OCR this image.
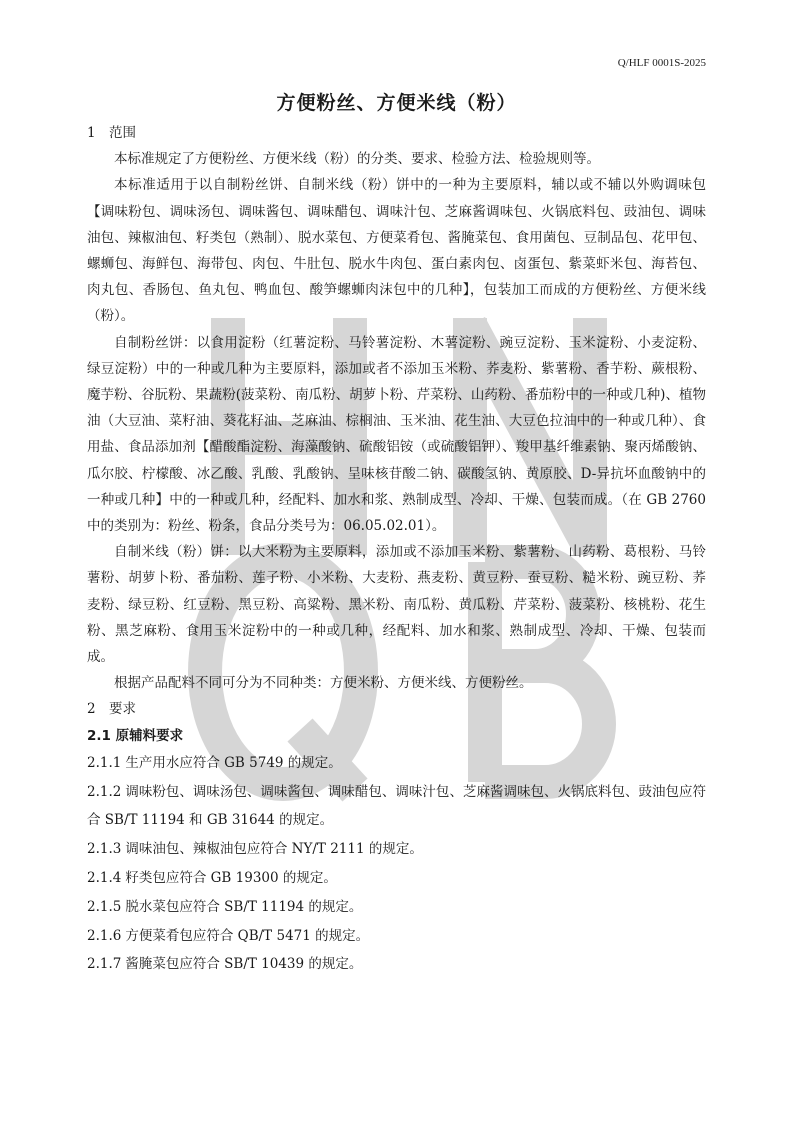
Q/HLF 0001S-2025
方便粉丝、方便米线（粉）

1 范围

本标准规定了方便粉丝、方便米线（粉）的分类、要求、检验方法、检验规则等。

本标准适用于以自制粉丝饼、自制米线（粉）饼中的一种为主要原料，辅以或不辅以外购调味包【调味粉包、调味汤包、调味酱包、调味醋包、调味汁包、芝麻酱调味包、火锅底料包、豉油包、调味油包、辣椒油包、籽类包（熟制）、脱水菜包、方便菜肴包、酱腌菜包、食用菌包、豆制品包、花甲包、螺蛳包、海鲜包、海带包、肉包、牛肚包、脱水牛肉包、蛋白素肉包、卤蛋包、紫菜虾米包、海苔包、肉丸包、香肠包、鱼丸包、鸭血包、酸笋螺蛳肉沫包中的几种】，包装加工而成的方便粉丝、方便米线（粉）。

自制粉丝饼：以食用淀粉（红薯淀粉、马铃薯淀粉、木薯淀粉、豌豆淀粉、玉米淀粉、小麦淀粉、绿豆淀粉）中的一种或几种为主要原料，添加或者不添加玉米粉、荞麦粉、紫薯粉、香芋粉、蕨根粉、魔芋粉、谷朊粉、果蔬粉(菠菜粉、南瓜粉、胡萝卜粉、芹菜粉、山药粉、番茄粉中的一种或几种)、植物油（大豆油、菜籽油、葵花籽油、芝麻油、棕榈油、玉米油、花生油、大豆色拉油中的一种或几种）、食用盐、食品添加剂【醋酸酯淀粉、海藻酸钠、硫酸铝铵（或硫酸铝钾）、羧甲基纤维素钠、聚丙烯酸钠、瓜尔胶、柠檬酸、冰乙酸、乳酸、乳酸钠、呈味核苷酸二钠、碳酸氢钠、黄原胶、D-异抗坏血酸钠中的一种或几种】中的一种或几种，经配料、加水和浆、熟制成型、冷却、干燥、包装而成。（在 GB 2760 中的类别为：粉丝、粉条，食品分类号为：06.05.02.01）。

自制米线（粉）饼：以大米粉为主要原料，添加或不添加玉米粉、紫薯粉、山药粉、葛根粉、马铃薯粉、胡萝卜粉、番茄粉、莲子粉、小米粉、大麦粉、燕麦粉、黄豆粉、蚕豆粉、糙米粉、豌豆粉、荞麦粉、绿豆粉、红豆粉、黑豆粉、高粱粉、黑米粉、南瓜粉、黄瓜粉、芹菜粉、菠菜粉、核桃粉、花生粉、黑芝麻粉、食用玉米淀粉中的一种或几种，经配料、加水和浆、熟制成型、冷却、干燥、包装而成。

根据产品配料不同可分为不同种类：方便米粉、方便米线、方便粉丝。

2 要求

2.1 原辅料要求

2.1.1 生产用水应符合 GB 5749 的规定。

2.1.2 调味粉包、调味汤包、调味酱包、调味醋包、调味汁包、芝麻酱调味包、火锅底料包、豉油包应符合 SB/T 11194 和 GB 31644 的规定。

2.1.3 调味油包、辣椒油包应符合 NY/T 2111 的规定。

2.1.4 籽类包应符合 GB 19300 的规定。

2.1.5 脱水菜包应符合 SB/T 11194 的规定。

2.1.6 方便菜肴包应符合 QB/T 5471 的规定。

2.1.7 酱腌菜包应符合 SB/T 10439 的规定。
